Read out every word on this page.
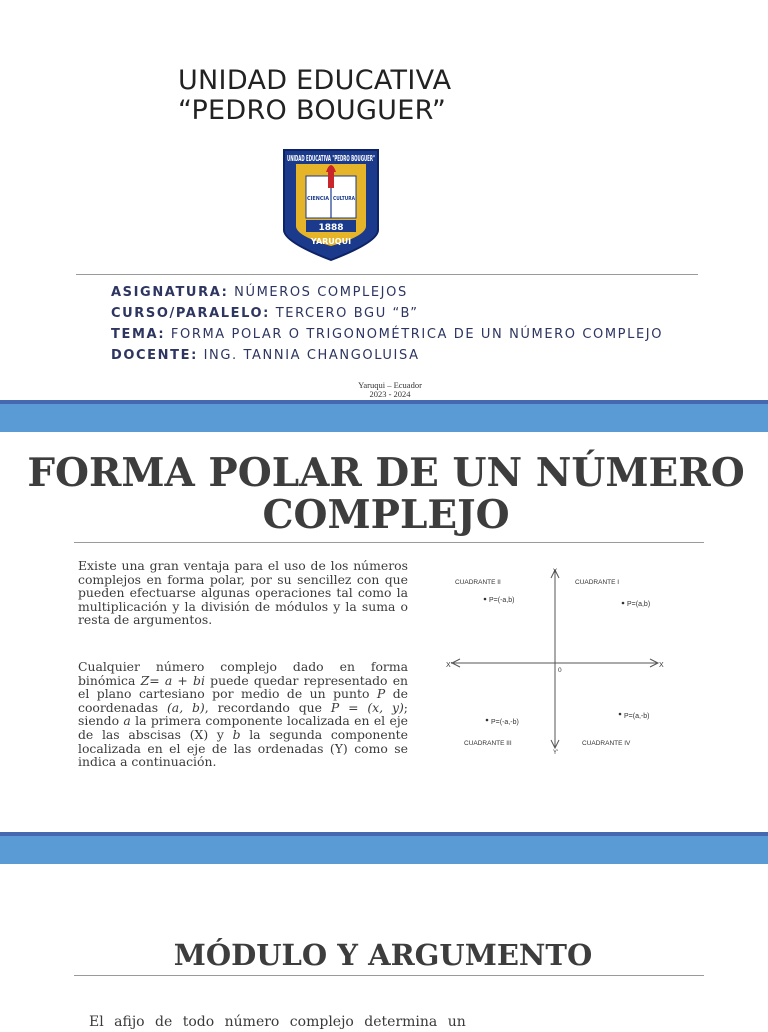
UNIDAD EDUCATIVA
“PEDRO BOUGUER”
UNIDAD EDUCATIVA "PEDRO BOUGUER"
CIENCIA CULTURA
1888
YARUQUI
ASIGNATURA: NÚMEROS COMPLEJOS
CURSO/PARALELO: TERCERO BGU “B”
TEMA: FORMA POLAR O TRIGONOMÉTRICA DE UN NÚMERO COMPLEJO
DOCENTE: ING. TANNIA CHANGOLUISA
Yaruqui – Ecuador
2023 - 2024
FORMA POLAR DE UN NÚMERO COMPLEJO
Existe una gran ventaja para el uso de los números complejos en forma polar, por su sencillez con que pueden efectuarse algunas operaciones tal como la multiplicación y la división de módulos y la suma o resta de argumentos.
Cualquier número complejo dado en forma binómica Z= a + bi puede quedar representado en el plano cartesiano por medio de un punto P de coordenadas (a, b), recordando que P = (x, y); siendo a la primera componente localizada en el eje de las abscisas (X) y b la segunda componente localizada en el eje de las ordenadas (Y) como se indica a continuación.
Y
Y'
X
X'
0
CUADRANTE II	CUADRANTE I
CUADRANTE III	CUADRANTE IV
P=(-a,b)
P=(a,b)
P=(-a,-b)
P=(a,-b)
MÓDULO Y ARGUMENTO
El afijo de todo número complejo determina un
